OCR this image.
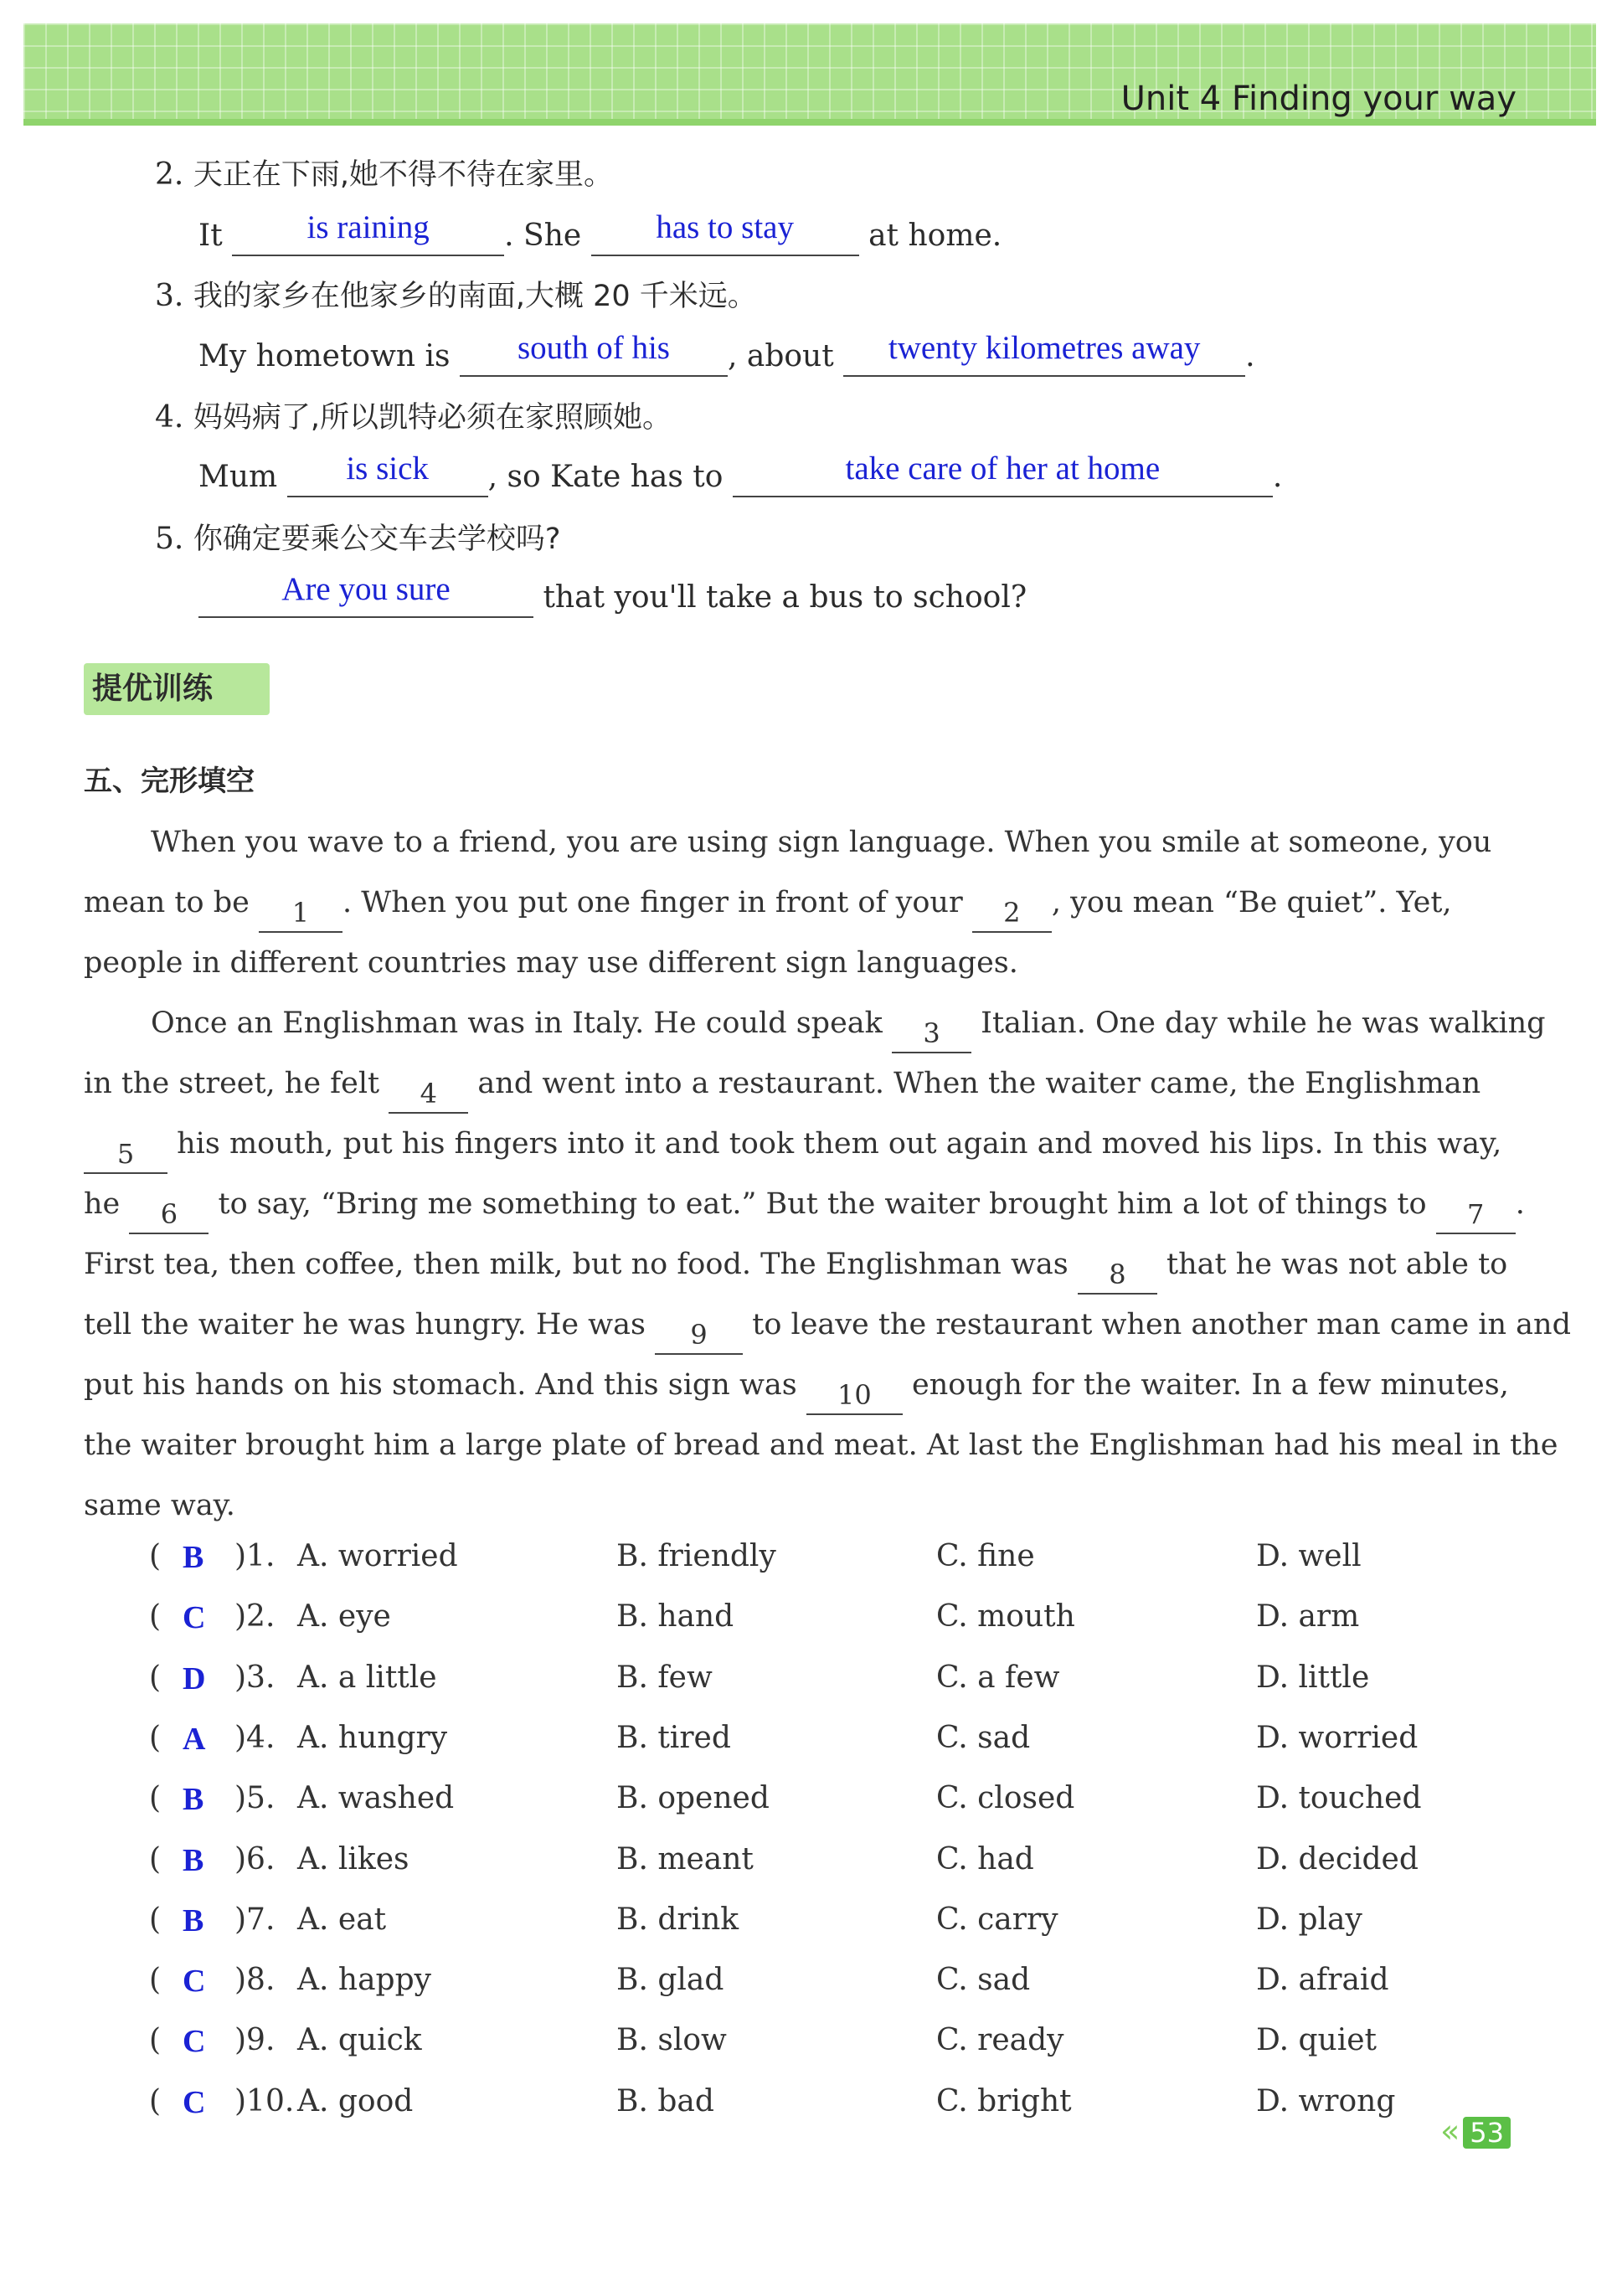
Unit 4 Finding your way
2. 天正在下雨,她不得不待在家里。
It	is raining	. She	has to stay	at home.
3. 我的家乡在他家乡的南面,大概 20 千米远。
My hometown is	south of his	, about	twenty kilometres away	.
4. 妈妈病了,所以凯特必须在家照顾她。
Mum	is sick	, so Kate has to	take care of her at home	.
5. 你确定要乘公交车去学校吗?
Are you sure	that you'll take a bus to school?
提优训练
五、完形填空
When you wave to a friend, you are using sign language. When you smile at someone, you
mean to be 1 . When you put one finger in front of your 2 , you mean “Be quiet”. Yet,
people in different countries may use different sign languages.
Once an Englishman was in Italy. He could speak 3 Italian. One day while he was walking
in the street, he felt 4 and went into a restaurant. When the waiter came, the Englishman
5 his mouth, put his fingers into it and took them out again and moved his lips. In this way,
he 6 to say, “Bring me something to eat.” But the waiter brought him a lot of things to 7 .
First tea, then coffee, then milk, but no food. The Englishman was 8 that he was not able to
tell the waiter he was hungry. He was 9 to leave the restaurant when another man came in and
put his hands on his stomach. And this sign was 10 enough for the waiter. In a few minutes,
the waiter brought him a large plate of bread and meat. At last the Englishman had his meal in the
same way.
( B )1. A. worried	B. friendly	C. fine	D. well
( C )2. A. eye	B. hand	C. mouth	D. arm
( D )3. A. a little	B. few	C. a few	D. little
( A )4. A. hungry	B. tired	C. sad	D. worried
( B )5. A. washed	B. opened	C. closed	D. touched
( B )6. A. likes	B. meant	C. had	D. decided
( B )7. A. eat	B. drink	C. carry	D. play
( C )8. A. happy	B. glad	C. sad	D. afraid
( C )9. A. quick	B. slow	C. ready	D. quiet
( C )10. A. good	B. bad	C. bright	D. wrong
« 53
